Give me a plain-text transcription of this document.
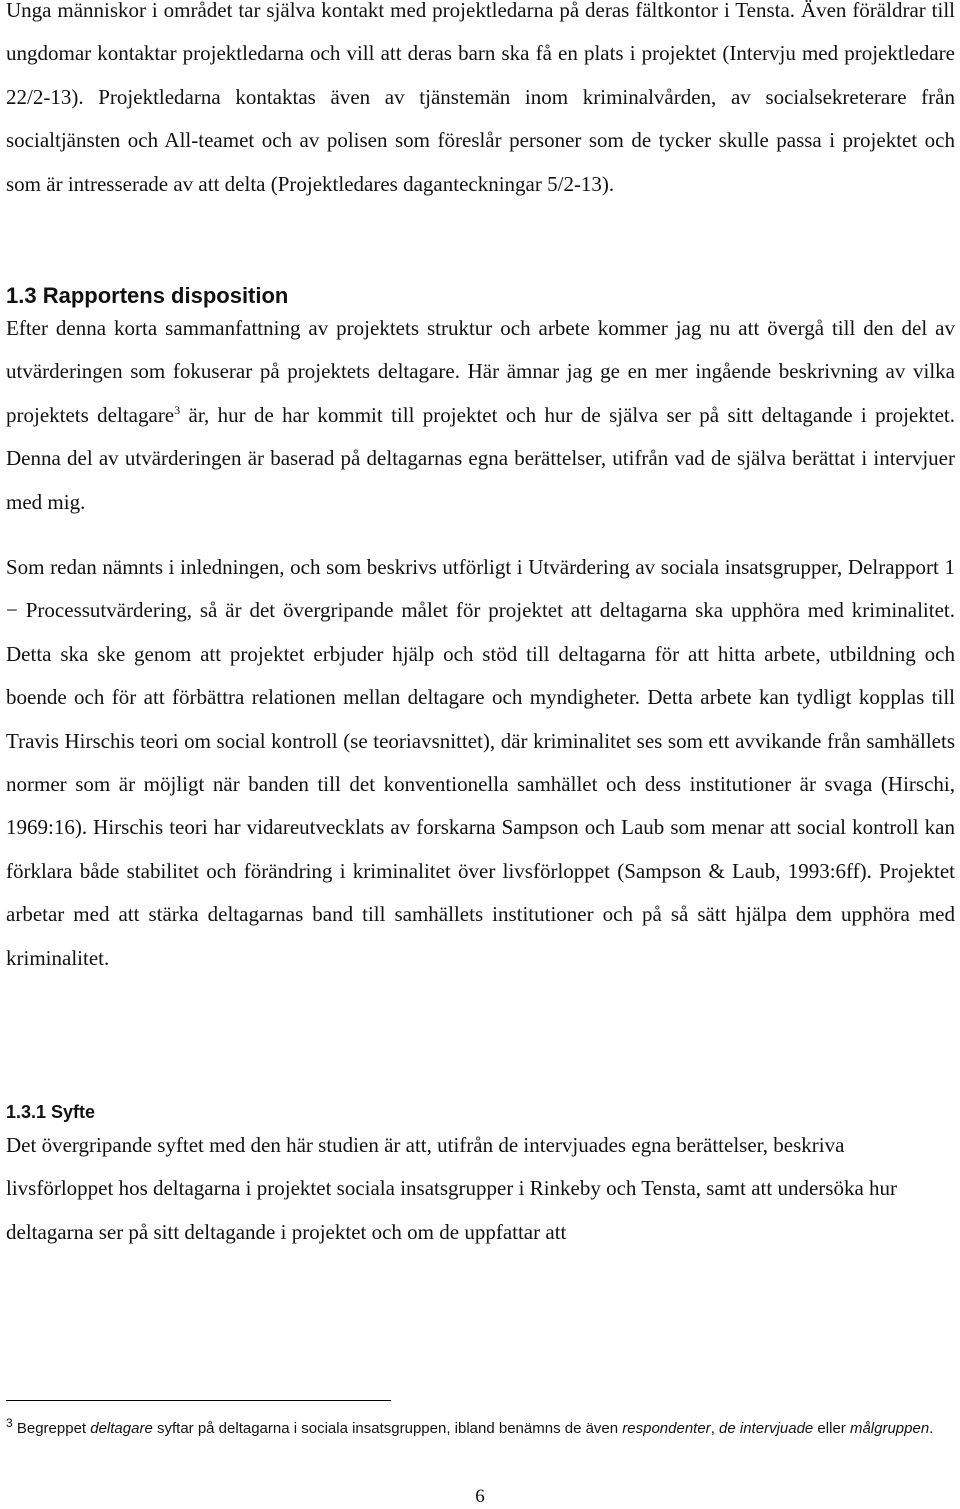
Unga människor i området tar själva kontakt med projektledarna på deras fältkontor i Tensta. Även föräldrar till ungdomar kontaktar projektledarna och vill att deras barn ska få en plats i projektet (Intervju med projektledare 22/2-13). Projektledarna kontaktas även av tjänstemän inom kriminalvården, av socialsekreterare från socialtjänsten och All-teamet och av polisen som föreslår personer som de tycker skulle passa i projektet och som är intresserade av att delta (Projektledares daganteckningar 5/2-13).

1.3 Rapportens disposition

Efter denna korta sammanfattning av projektets struktur och arbete kommer jag nu att övergå till den del av utvärderingen som fokuserar på projektets deltagare. Här ämnar jag ge en mer ingående beskrivning av vilka projektets deltagare$^3$ är, hur de har kommit till projektet och hur de själva ser på sitt deltagande i projektet. Denna del av utvärderingen är baserad på deltagarnas egna berättelser, utifrån vad de själva berättat i intervjuer med mig.

Som redan nämnts i inledningen, och som beskrivs utförligt i Utvärdering av sociala insatsgrupper, Delrapport 1 − Processutvärdering, så är det övergripande målet för projektet att deltagarna ska upphöra med kriminalitet. Detta ska ske genom att projektet erbjuder hjälp och stöd till deltagarna för att hitta arbete, utbildning och boende och för att förbättra relationen mellan deltagare och myndigheter. Detta arbete kan tydligt kopplas till Travis Hirschis teori om social kontroll (se teoriavsnittet), där kriminalitet ses som ett avvikande från samhällets normer som är möjligt när banden till det konventionella samhället och dess institutioner är svaga (Hirschi, 1969:16). Hirschis teori har vidareutvecklats av forskarna Sampson och Laub som menar att social kontroll kan förklara både stabilitet och förändring i kriminalitet över livsförloppet (Sampson & Laub, 1993:6ff). Projektet arbetar med att stärka deltagarnas band till samhällets institutioner och på så sätt hjälpa dem upphöra med kriminalitet.

1.3.1 Syfte

Det övergripande syftet med den här studien är att, utifrån de intervjuades egna berättelser, beskriva livsförloppet hos deltagarna i projektet sociala insatsgrupper i Rinkeby och Tensta, samt att undersöka hur deltagarna ser på sitt deltagande i projektet och om de uppfattar att

$^3$ Begreppet deltagare syftar på deltagarna i sociala insatsgruppen, ibland benämns de även respondenter, de intervjuade eller målgruppen.

6
